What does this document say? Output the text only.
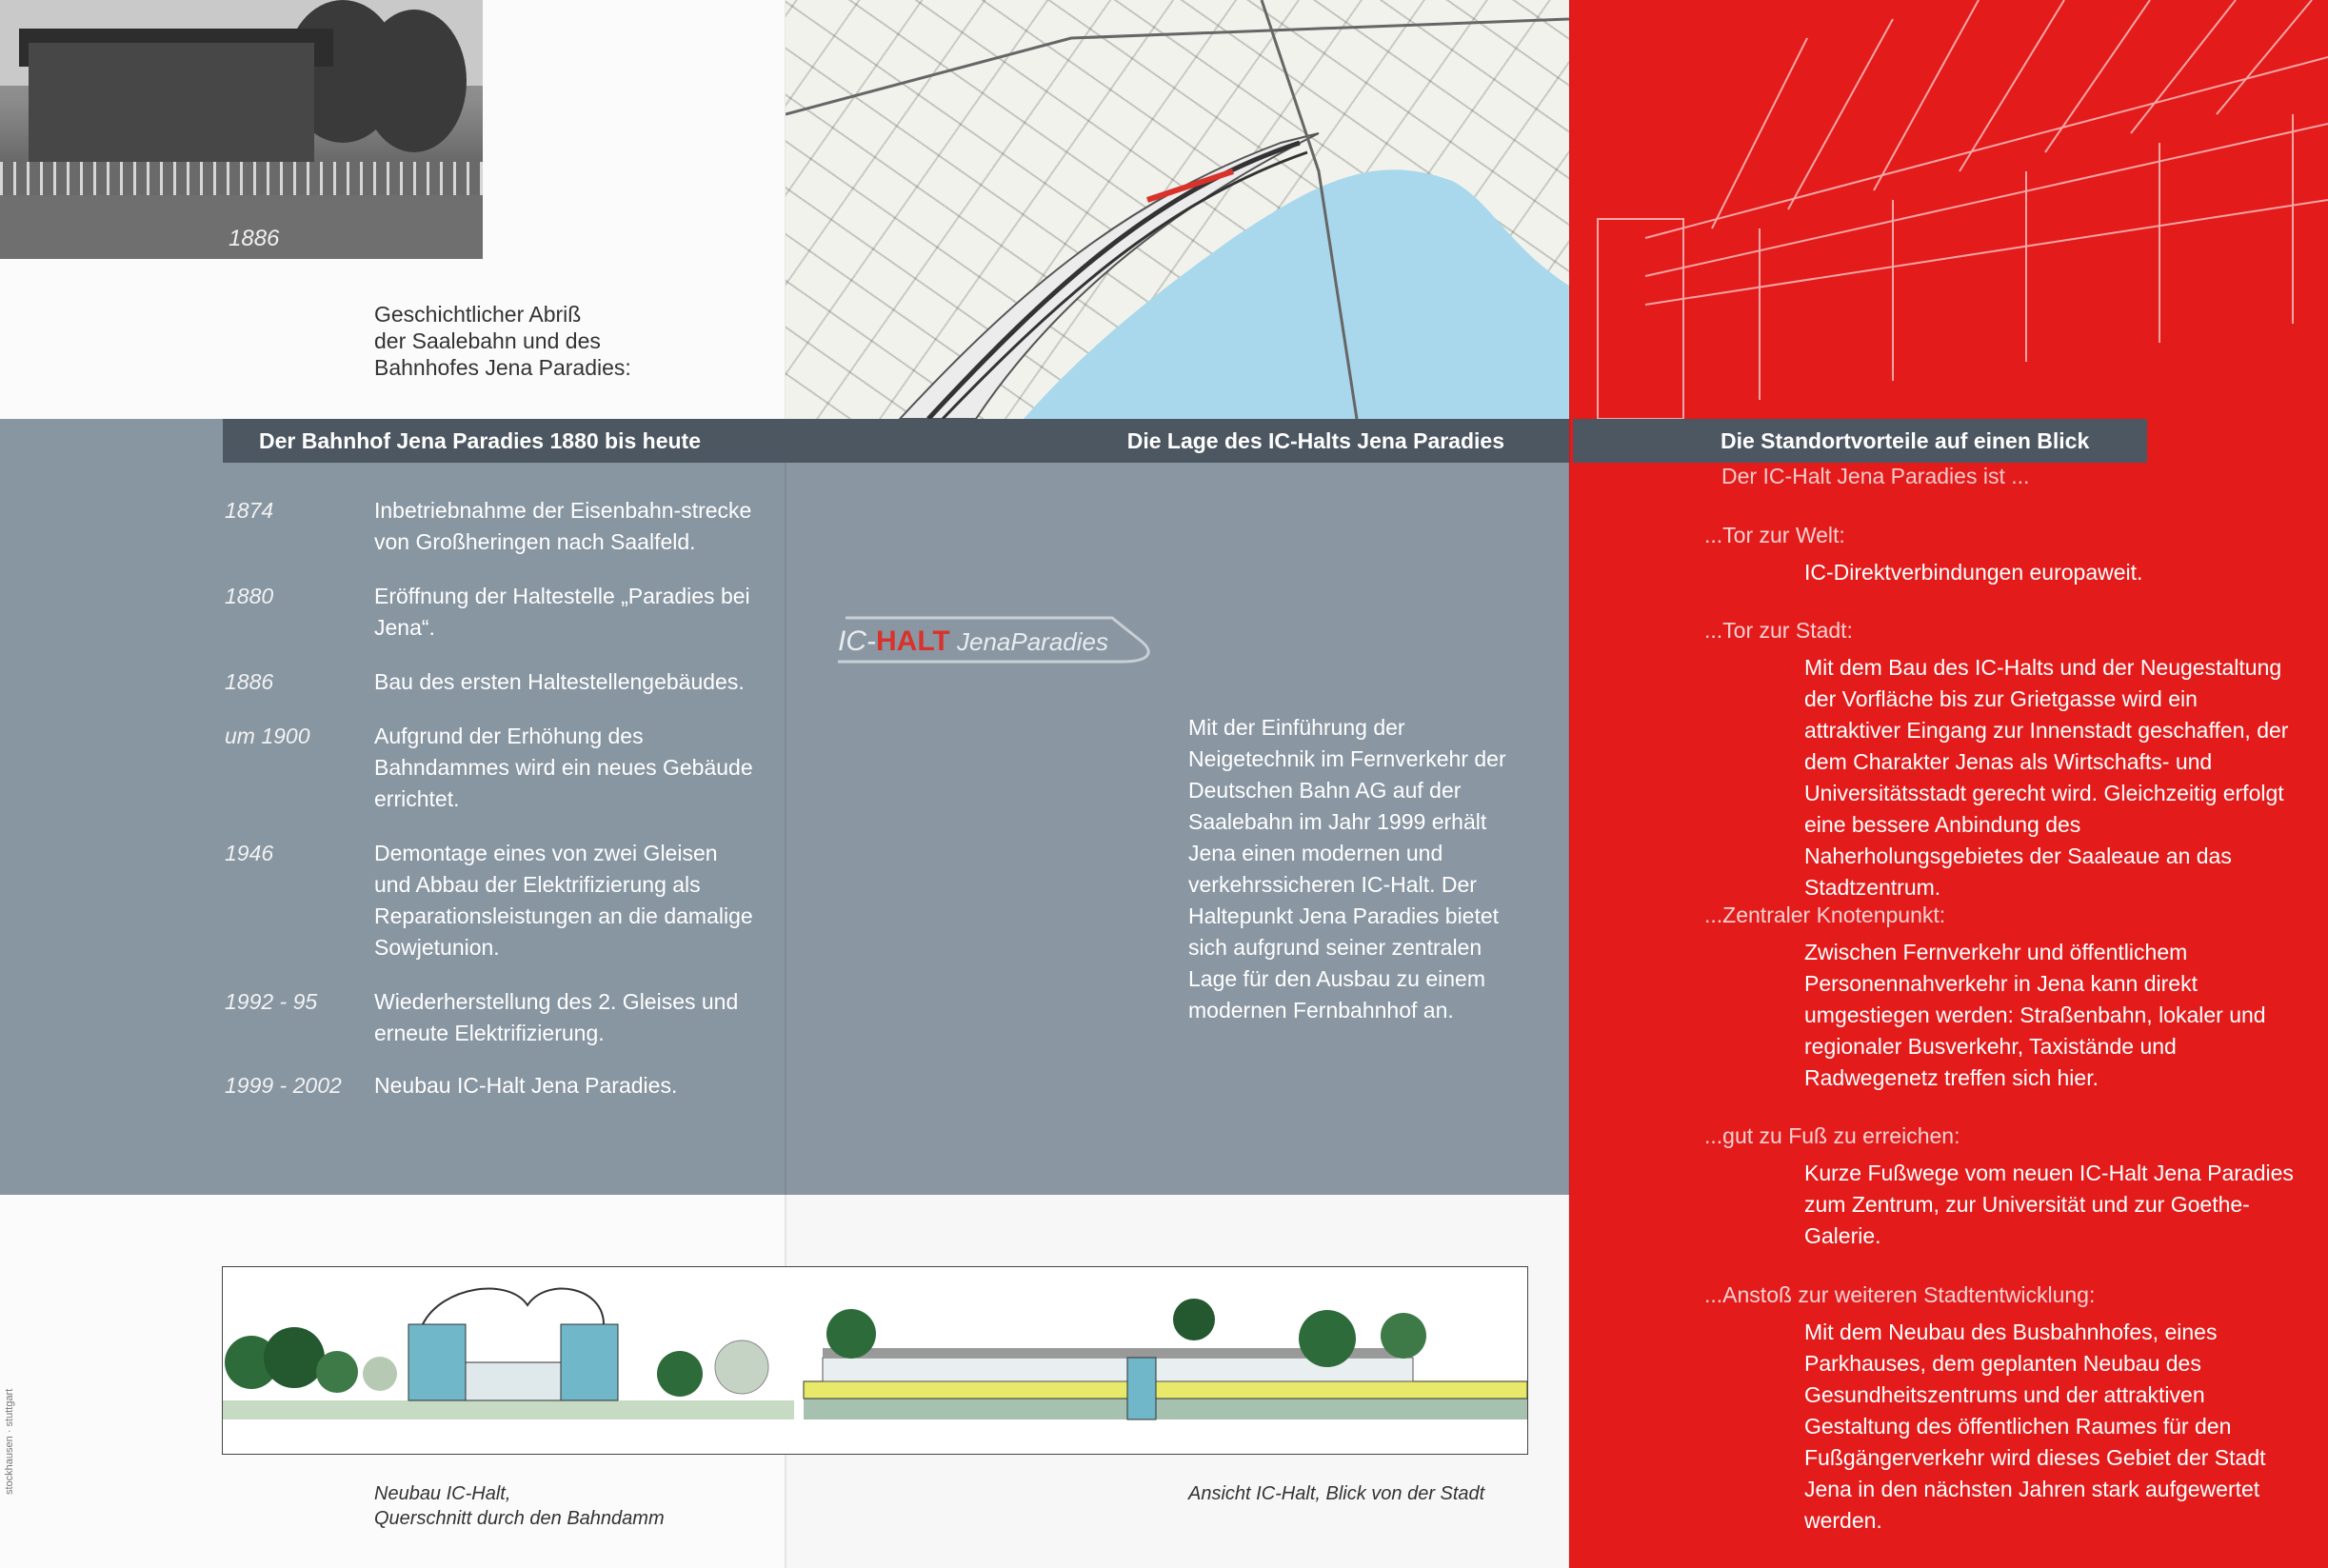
1886
Geschichtlicher Abriß
der Saalebahn und des
Bahnhofes Jena Paradies:
Der Bahnhof Jena Paradies 1880 bis heute	Die Lage des IC-Halts Jena Paradies	Die Standortvorteile auf einen Blick
1874	Inbetriebnahme der Eisenbahn-strecke von Großheringen nach Saalfeld.
1880	Eröffnung der Haltestelle „Paradies bei Jena“.
1886	Bau des ersten Haltestellengebäudes.
um 1900	Aufgrund der Erhöhung des Bahndammes wird ein neues Gebäude errichtet.
1946	Demontage eines von zwei Gleisen und Abbau der Elektrifizierung als Reparationsleistungen an die damalige Sowjetunion.
1992 - 95	Wiederherstellung des 2. Gleises und erneute Elektrifizierung.
1999 - 2002	Neubau IC-Halt Jena Paradies.
IC-HALT JenaParadies
Mit der Einführung der Neigetechnik im Fernverkehr der Deutschen Bahn AG auf der Saalebahn im Jahr 1999 erhält Jena einen modernen und verkehrssicheren IC-Halt. Der Haltepunkt Jena Paradies bietet sich aufgrund seiner zentralen Lage für den Ausbau zu einem modernen Fernbahnhof an.
Der IC-Halt Jena Paradies ist ...
...Tor zur Welt:
IC-Direktverbindungen europaweit.
...Tor zur Stadt:
Mit dem Bau des IC-Halts und der Neugestaltung der Vorfläche bis zur Grietgasse wird ein attraktiver Eingang zur Innenstadt geschaffen, der dem Charakter Jenas als Wirtschafts- und Universitätsstadt gerecht wird. Gleichzeitig erfolgt eine bessere Anbindung des Naherholungsgebietes der Saaleaue an das Stadtzentrum.
...Zentraler Knotenpunkt:
Zwischen Fernverkehr und öffentlichem Personennahverkehr in Jena kann direkt umgestiegen werden: Straßenbahn, lokaler und regionaler Busverkehr, Taxistände und Radwegenetz treffen sich hier.
...gut zu Fuß zu erreichen:
Kurze Fußwege vom neuen IC-Halt Jena Paradies zum Zentrum, zur Universität und zur Goethe-Galerie.
...Anstoß zur weiteren Stadtentwicklung:
Mit dem Neubau des Busbahnhofes, eines Parkhauses, dem geplanten Neubau des Gesundheitszentrums und der attraktiven Gestaltung des öffentlichen Raumes für den Fußgängerverkehr wird dieses Gebiet der Stadt Jena in den nächsten Jahren stark aufgewertet werden.
Neubau IC-Halt,
Querschnitt durch den Bahndamm
Ansicht IC-Halt, Blick von der Stadt
stockhausen · stuttgart
